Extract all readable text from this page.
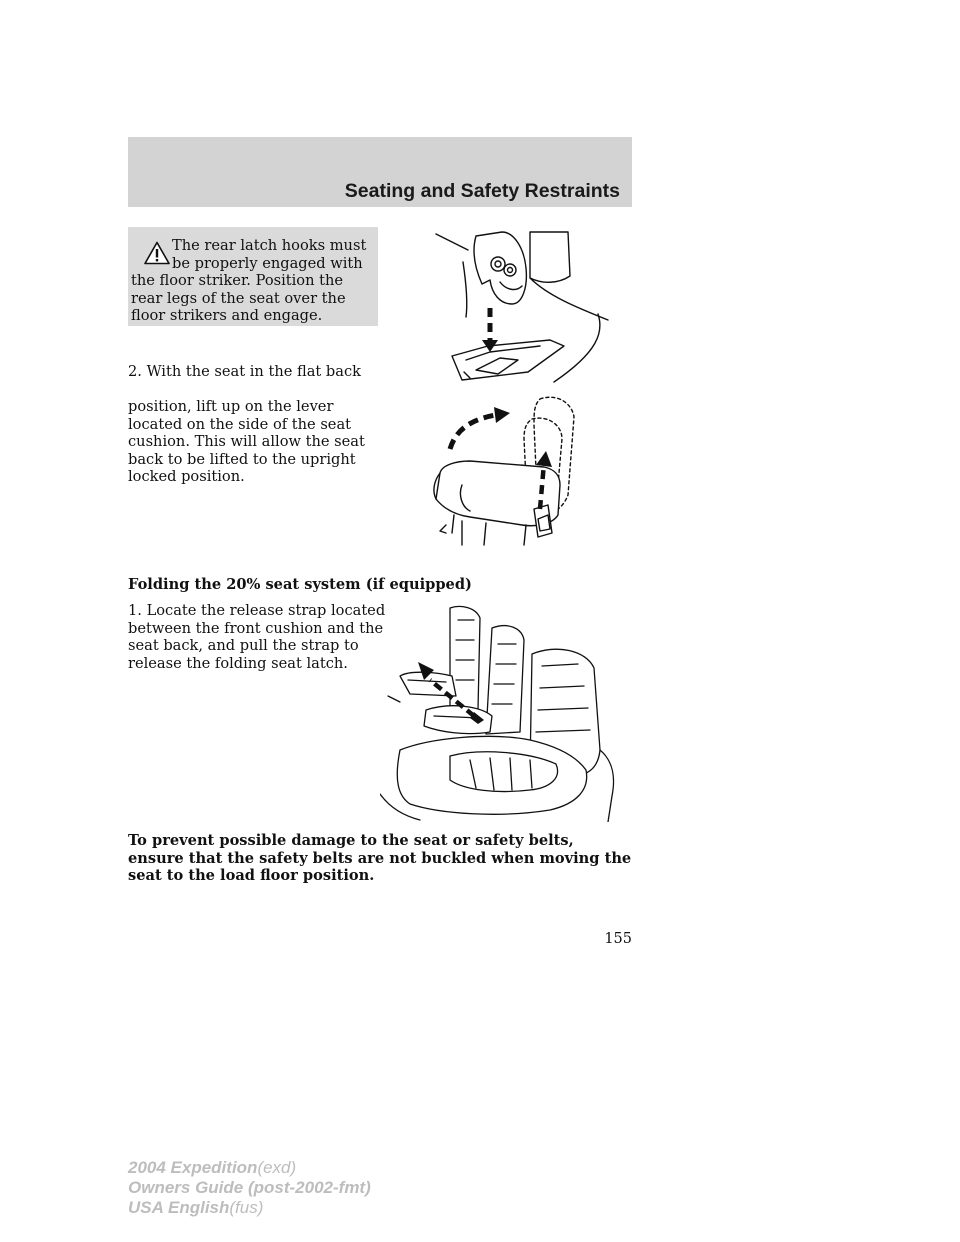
Seating and Safety Restraints

The rear latch hooks must be properly engaged with the floor striker. Position the rear legs of the seat over the floor strikers and engage.

2. With the seat in the flat back

position, lift up on the lever located on the side of the seat cushion. This will allow the seat back to be lifted to the upright locked position.

Folding the 20% seat system (if equipped)

1. Locate the release strap located between the front cushion and the seat back, and pull the strap to release the folding seat latch.

To prevent possible damage to the seat or safety belts, ensure that the safety belts are not buckled when moving the seat to the load floor position.

155
2004 Expedition(exd)
Owners Guide (post-2002-fmt)
USA English(fus)
